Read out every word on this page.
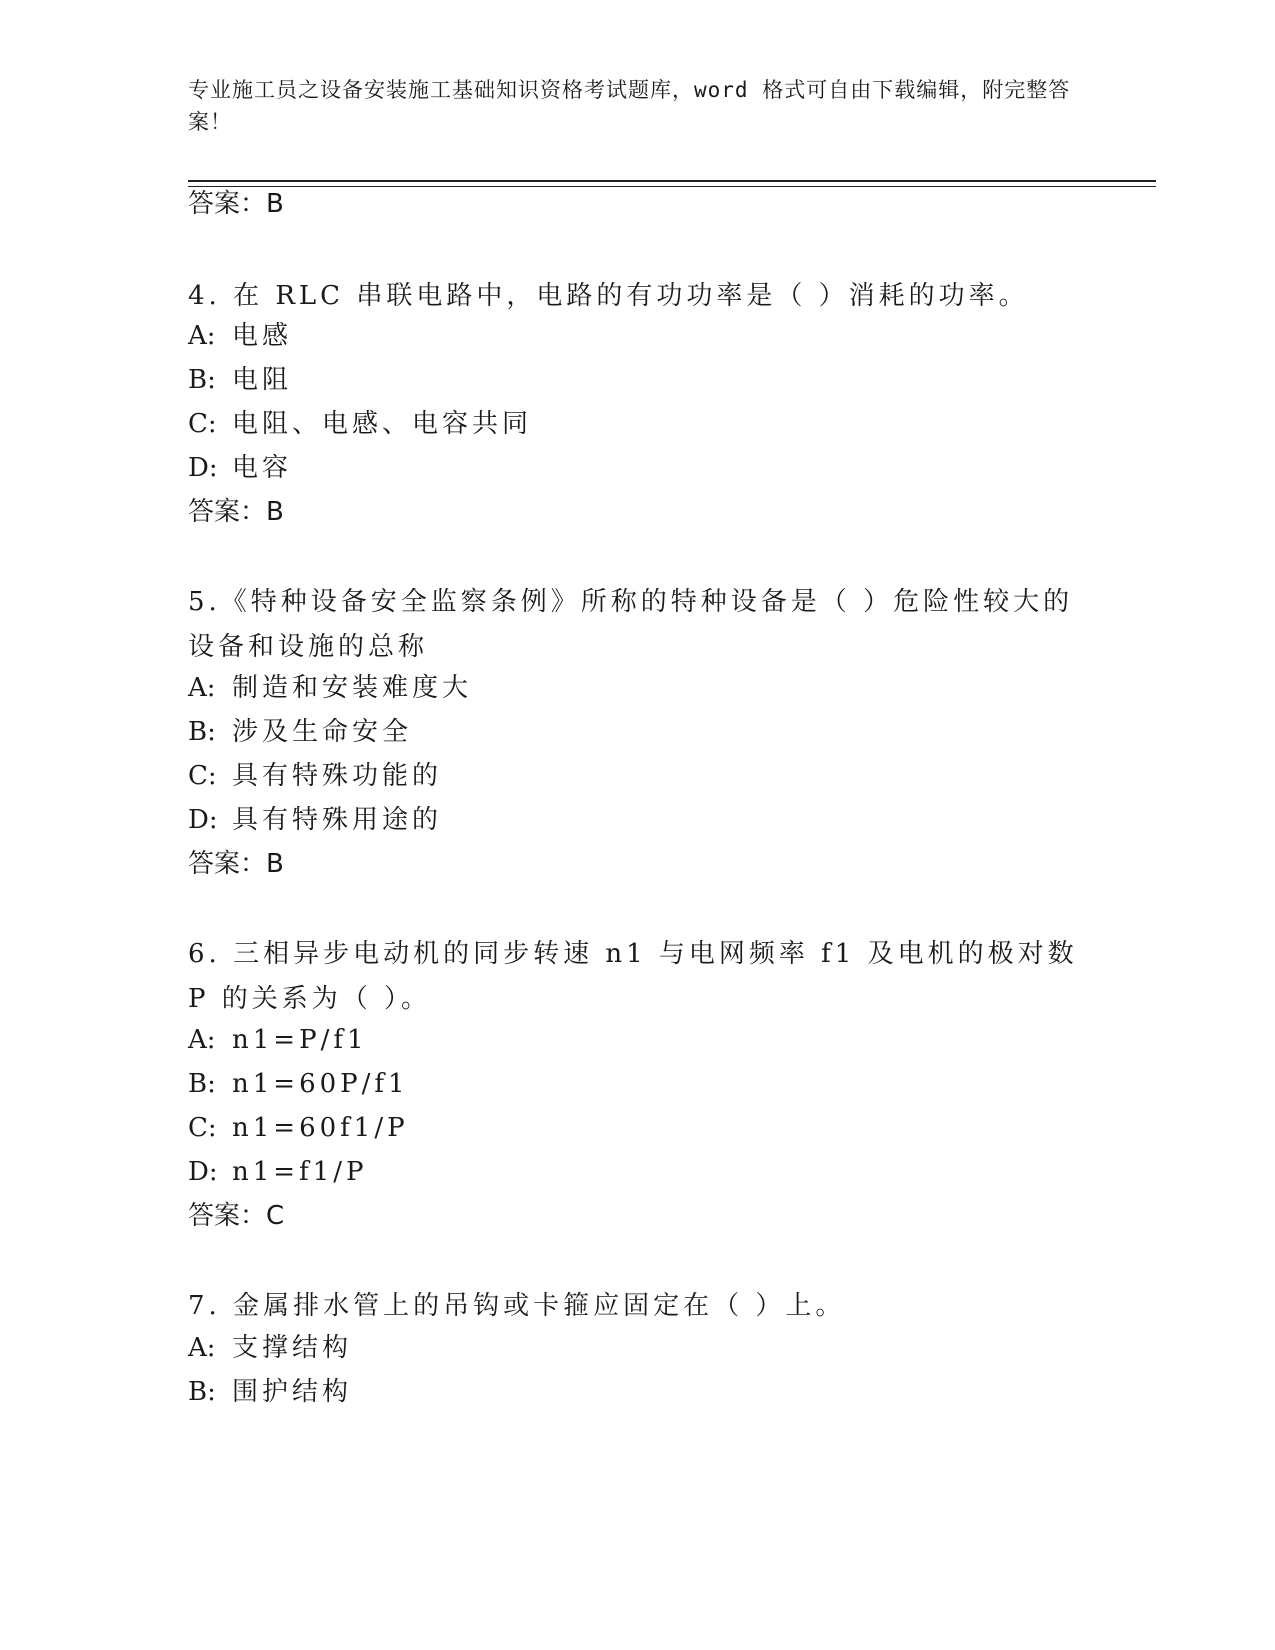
专业施工员之设备安装施工基础知识资格考试题库，word 格式可自由下载编辑，附完整答案！
答案：B
4. 在 RLC 串联电路中，电路的有功功率是（ ）消耗的功率。
A: 电感
B: 电阻
C: 电阻、电感、电容共同
D: 电容
答案：B
5.《特种设备安全监察条例》所称的特种设备是（ ）危险性较大的设备和设施的总称
A: 制造和安装难度大
B: 涉及生命安全
C: 具有特殊功能的
D: 具有特殊用途的
答案：B
6. 三相异步电动机的同步转速 n1 与电网频率 f1 及电机的极对数 P 的关系为（ ）。
A: n1=P/f1
B: n1=60P/f1
C: n1=60f1/P
D: n1=f1/P
答案：C
7. 金属排水管上的吊钩或卡箍应固定在（ ）上。
A: 支撑结构
B: 围护结构
